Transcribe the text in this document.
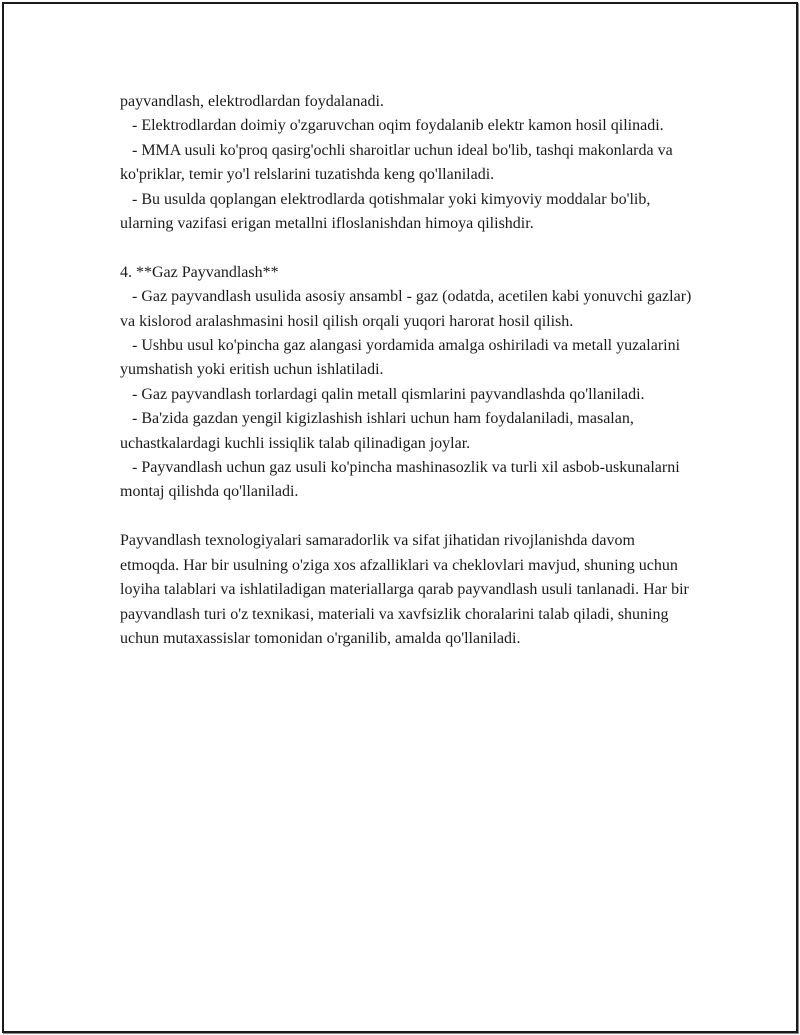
payvandlash, elektrodlardan foydalanadi.

- Elektrodlardan doimiy o'zgaruvchan oqim foydalanib elektr kamon hosil qilinadi.

- MMA usuli ko'proq qasirg'ochli sharoitlar uchun ideal bo'lib, tashqi makonlarda va ko'priklar, temir yo'l relslarini tuzatishda keng qo'llaniladi.

- Bu usulda qoplangan elektrodlarda qotishmalar yoki kimyoviy moddalar bo'lib, ularning vazifasi erigan metallni ifloslanishdan himoya qilishdir.

4. **Gaz Payvandlash**

- Gaz payvandlash usulida asosiy ansambl - gaz (odatda, acetilen kabi yonuvchi gazlar) va kislorod aralashmasini hosil qilish orqali yuqori harorat hosil qilish.

- Ushbu usul ko'pincha gaz alangasi yordamida amalga oshiriladi va metall yuzalarini yumshatish yoki eritish uchun ishlatiladi.

- Gaz payvandlash torlardagi qalin metall qismlarini payvandlashda qo'llaniladi.

- Ba'zida gazdan yengil kigizlashish ishlari uchun ham foydalaniladi, masalan, uchastkalardagi kuchli issiqlik talab qilinadigan joylar.

- Payvandlash uchun gaz usuli ko'pincha mashinasozlik va turli xil asbob-uskunalarni montaj qilishda qo'llaniladi.

Payvandlash texnologiyalari samaradorlik va sifat jihatidan rivojlanishda davom etmoqda. Har bir usulning o'ziga xos afzalliklari va cheklovlari mavjud, shuning uchun loyiha talablari va ishlatiladigan materiallarga qarab payvandlash usuli tanlanadi. Har bir payvandlash turi o'z texnikasi, materiali va xavfsizlik choralarini talab qiladi, shuning uchun mutaxassislar tomonidan o'rganilib, amalda qo'llaniladi.
